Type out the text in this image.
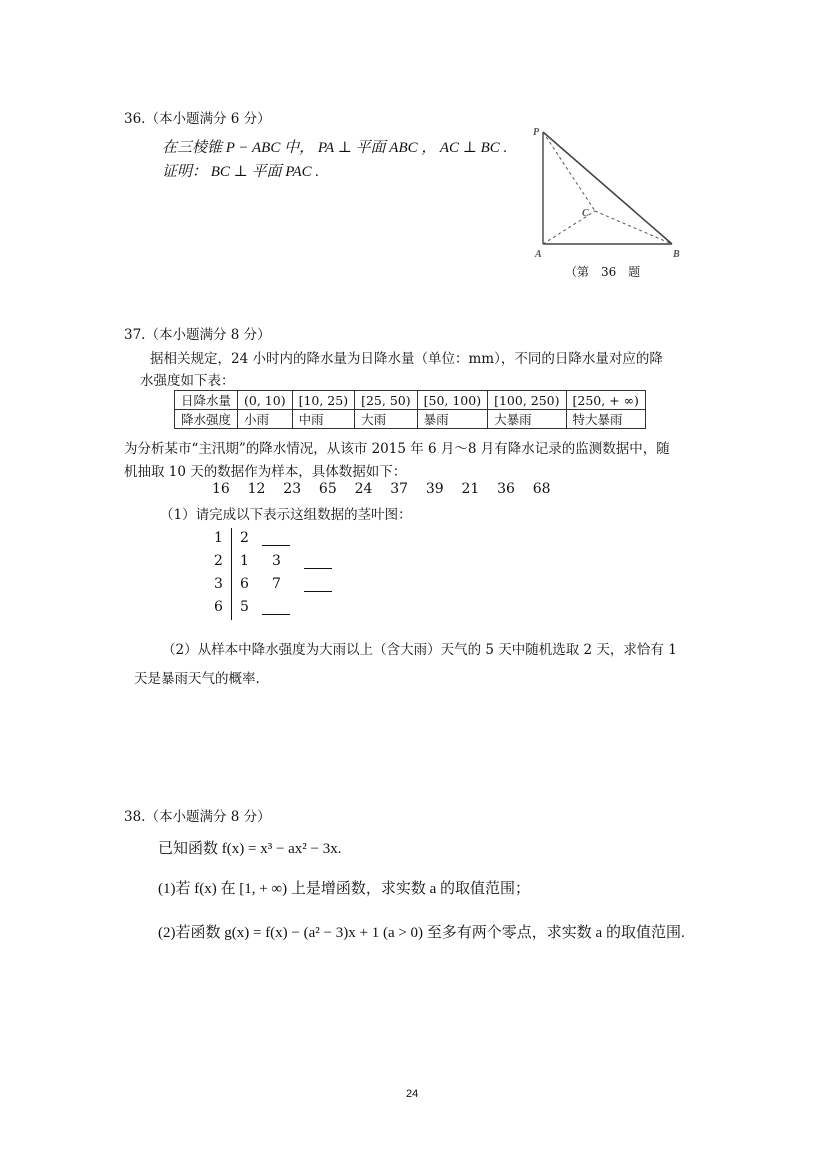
36.（本小题满分 6 分）
在三棱锥 P − ABC 中， PA ⊥ 平面 ABC ， AC ⊥ BC .
证明： BC ⊥ 平面 PAC .
P
A	B
C
（第　36　题
37.（本小题满分 8 分）
据相关规定，24 小时内的降水量为日降水量（单位：mm），不同的日降水量对应的降
水强度如下表：
日降水量	(0, 10)	[10, 25)	[25, 50)	[50, 100)	[100, 250)	[250, + ∞)
降水强度	小雨	中雨	大雨	暴雨	大暴雨	特大暴雨
为分析某市“主汛期”的降水情况，从该市 2015 年 6 月～8 月有降水记录的监测数据中，随
机抽取 10 天的数据作为样本，具体数据如下：
16 12 23 65 24 37 39 21 36 68
（1）请完成以下表示这组数据的茎叶图：
1 2
2 1 3
3 6 7
6 5
（2）从样本中降水强度为大雨以上（含大雨）天气的 5 天中随机选取 2 天，求恰有 1
天是暴雨天气的概率.
38.（本小题满分 8 分）
已知函数 f(x) = x³ − ax² − 3x.
(1)若 f(x) 在 [1, + ∞) 上是增函数，求实数 a 的取值范围；
(2)若函数 g(x) = f(x) − (a² − 3)x + 1 (a > 0) 至多有两个零点，求实数 a 的取值范围.
24
